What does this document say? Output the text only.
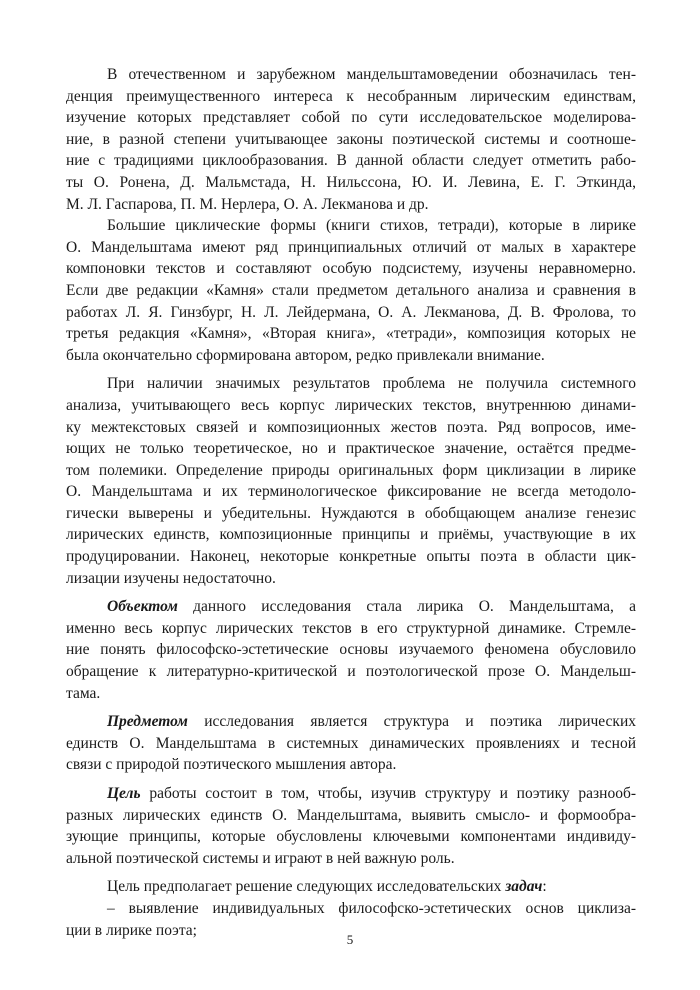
В отечественном и зарубежном мандельштамоведении обозначилась тен-
денция преимущественного интереса к несобранным лирическим единствам,
изучение которых представляет собой по сути исследовательское моделирова-
ние, в разной степени учитывающее законы поэтической системы и соотноше-
ние с традициями циклообразования. В данной области следует отметить рабо-
ты О. Ронена, Д. Мальмстада, Н. Нильссона, Ю. И. Левина, Е. Г. Эткинда,
М. Л. Гаспарова, П. М. Нерлера, О. А. Лекманова и др.
Большие циклические формы (книги стихов, тетради), которые в лирике
О. Мандельштама имеют ряд принципиальных отличий от малых в характере
компоновки текстов и составляют особую подсистему, изучены неравномерно.
Если две редакции «Камня» стали предметом детального анализа и сравнения в
работах Л. Я. Гинзбург, Н. Л. Лейдермана, О. А. Лекманова, Д. В. Фролова, то
третья редакция «Камня», «Вторая книга», «тетради», композиция которых не
была окончательно сформирована автором, редко привлекали внимание.
При наличии значимых результатов проблема не получила системного
анализа, учитывающего весь корпус лирических текстов, внутреннюю динами-
ку межтекстовых связей и композиционных жестов поэта. Ряд вопросов, име-
ющих не только теоретическое, но и практическое значение, остаётся предме-
том полемики. Определение природы оригинальных форм циклизации в лирике
О. Мандельштама и их терминологическое фиксирование не всегда методоло-
гически выверены и убедительны. Нуждаются в обобщающем анализе генезис
лирических единств, композиционные принципы и приёмы, участвующие в их
продуцировании. Наконец, некоторые конкретные опыты поэта в области цик-
лизации изучены недостаточно.
Объектом данного исследования стала лирика О. Мандельштама, а
именно весь корпус лирических текстов в его структурной динамике. Стремле-
ние понять философско-эстетические основы изучаемого феномена обусловило
обращение к литературно-критической и поэтологической прозе О. Мандельш-
тама.
Предметом исследования является структура и поэтика лирических
единств О. Мандельштама в системных динамических проявлениях и тесной
связи с природой поэтического мышления автора.
Цель работы состоит в том, чтобы, изучив структуру и поэтику разнооб-
разных лирических единств О. Мандельштама, выявить смысло- и формообра-
зующие принципы, которые обусловлены ключевыми компонентами индивиду-
альной поэтической системы и играют в ней важную роль.
Цель предполагает решение следующих исследовательских задач:
– выявление индивидуальных философско-эстетических основ циклиза-
ции в лирике поэта;
5
